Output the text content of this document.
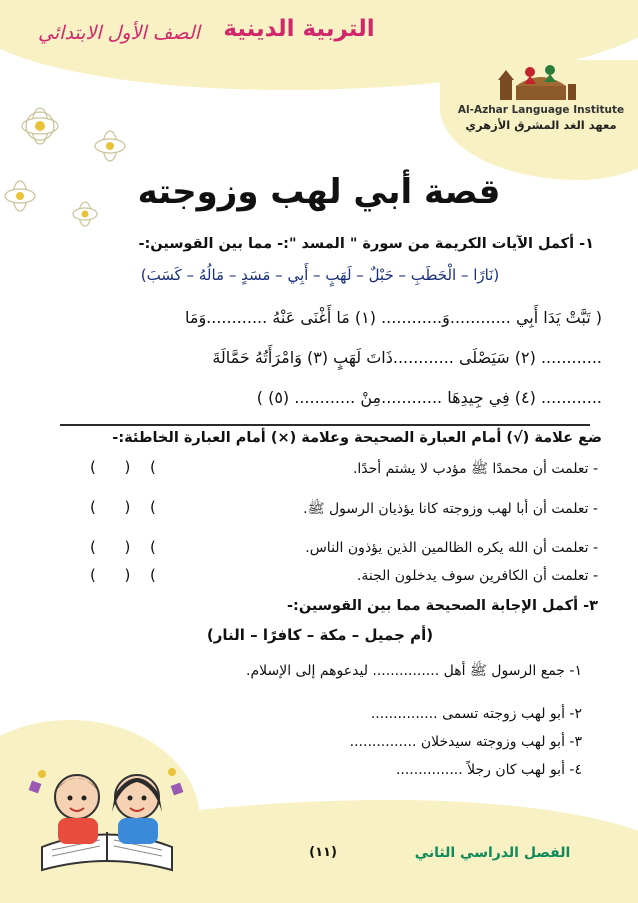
التربية الدينية
الصف الأول الابتدائي
Al-Azhar Language Institute
معهد الغد المشرق الأزهري
قصة أبي لهب وزوجته
١- أكمل الآيات الكريمة من سورة " المسد ":- مما بين القوسين:-
(نَارًا – الْحَطَبِ – حَبْلٌ – لَهَبٍ – أَبِي – مَسَدٍ – مَالُهُ – كَسَبَ)
( تَبَّتْ يَدَا أَبِي ............وَ............ (١) مَا أَغْنَى عَنْهُ ............وَمَا
............ (٢) سَيَصْلَى ............ذَاتَ لَهَبٍ (٣) وَامْرَأَتُهُ حَمَّالَةَ
............ (٤) فِي جِيدِهَا ............مِنْ ............ (٥) )
ضع علامة (√) أمام العبارة الصحيحة وعلامة (×) أمام العبارة الخاطئة:-
- تعلمت أن محمدًا ﷺ مؤدب لا يشتم أحدًا.
(      ) (
- تعلمت أن أبا لهب وزوجته كانا يؤذيان الرسول ﷺ.
(      ) (
- تعلمت أن الله يكره الظالمين الذين يؤذون الناس.
(      ) (
- تعلمت أن الكافرين سوف يدخلون الجنة.
(      ) (
٣- أكمل الإجابة الصحيحة مما بين القوسين:-
(أم جميل – مكة – كافرًا – النار)
١- جمع الرسول ﷺ أهل ............... ليدعوهم إلى الإسلام.
٢- أبو لهب زوجته تسمى ...............
٣- أبو لهب وزوجته سيدخلان ...............
٤- أبو لهب كان رجلاً ...............
(١١)	الفصل الدراسي الثاني
